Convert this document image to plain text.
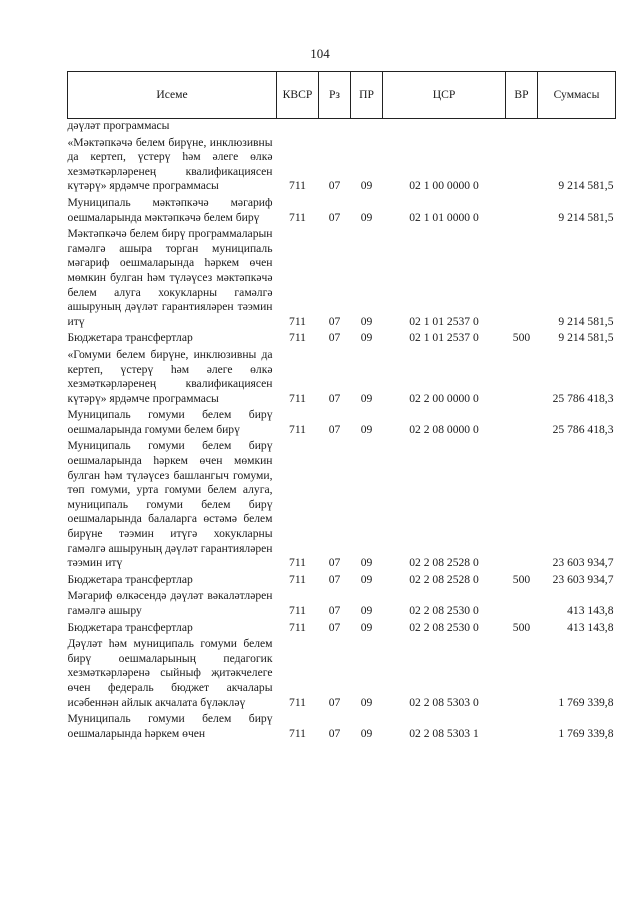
104
Исеме	КВСР	Рз	ПР	ЦСР	ВР	Суммасы
дәүләт программасы						
«Мәктәпкәчә белем бирүне, инклюзивны да кертеп, үстерү һәм әлеге өлкә хезмәткәрләренең квалификациясен күтәрү» ярдәмче программасы	711	07	09	02 1 00 0000 0		9 214 581,5
Муниципаль мәктәпкәчә мәгариф оешмаларында мәктәпкәчә белем бирү	711	07	09	02 1 01 0000 0		9 214 581,5
Мәктәпкәчә белем бирү программаларын гамәлгә ашыра торган муниципаль мәгариф оешмаларында һәркем өчен мөмкин булган һәм түләүсез мәктәпкәчә белем алуга хокукларны гамәлгә ашыруның дәүләт гарантияләрен тәэмин итү	711	07	09	02 1 01 2537 0		9 214 581,5
Бюджетара трансфертлар	711	07	09	02 1 01 2537 0	500	9 214 581,5
«Гомуми белем бирүне, инклюзивны да кертеп, үстерү һәм әлеге өлкә хезмәткәрләренең квалификациясен күтәрү» ярдәмче программасы	711	07	09	02 2 00 0000 0		25 786 418,3
Муниципаль гомуми белем бирү оешмаларында гомуми белем бирү	711	07	09	02 2 08 0000 0		25 786 418,3
Муниципаль гомуми белем бирү оешмаларында һәркем өчен мөмкин булган һәм түләүсез башлангыч гомуми, төп гомуми, урта гомуми белем алуга, муниципаль гомуми белем бирү оешмаларында балаларга өстәмә белем бирүне тәэмин итүгә хокукларны гамәлгә ашыруның дәүләт гарантияләрен тәэмин итү	711	07	09	02 2 08 2528 0		23 603 934,7
Бюджетара трансфертлар	711	07	09	02 2 08 2528 0	500	23 603 934,7
Мәгариф өлкәсендә дәүләт вәкаләтләрен гамәлгә ашыру	711	07	09	02 2 08 2530 0		413 143,8
Бюджетара трансфертлар	711	07	09	02 2 08 2530 0	500	413 143,8
Дәүләт һәм муниципаль гомуми белем бирү оешмаларының педагогик хезмәткәрләренә сыйныф җитәкчелеге өчен федераль бюджет акчалары исәбеннән айлык акчалата бүләкләү	711	07	09	02 2 08 5303 0		1 769 339,8
Муниципаль гомуми белем бирү оешмаларында һәркем өчен	711	07	09	02 2 08 5303 1		1 769 339,8
